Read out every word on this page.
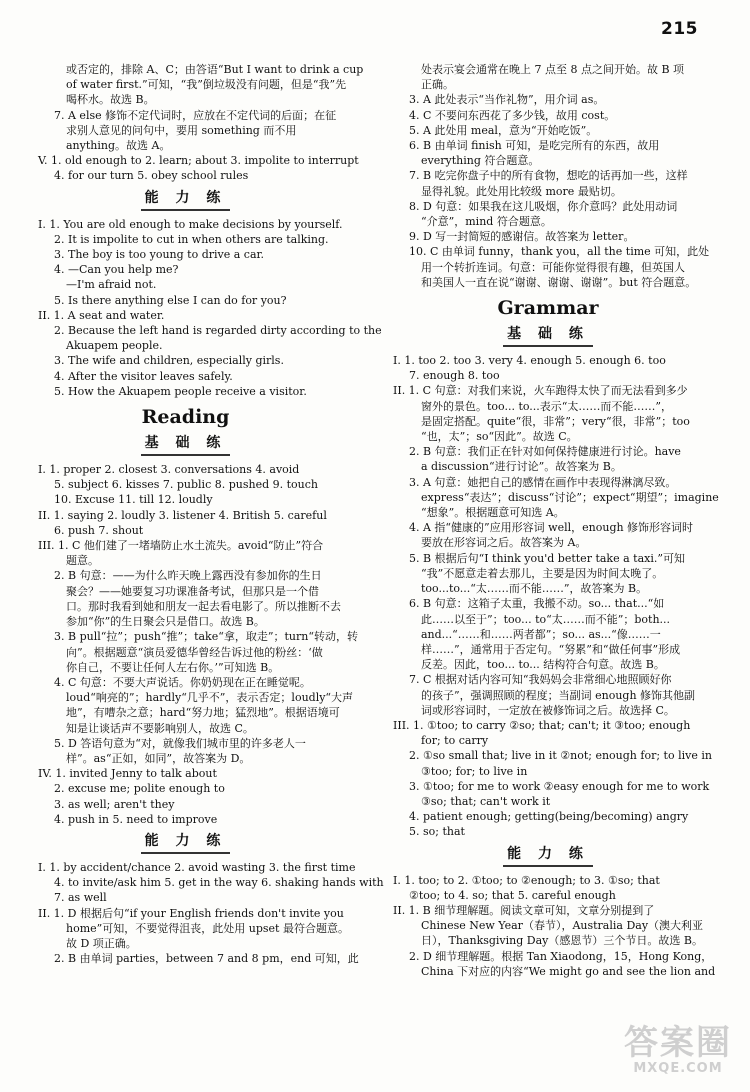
215
或否定的，排除 A、C；由答语“But I want to drink a cup
of water first.”可知，“我”倒垃圾没有问题，但是“我”先
喝杯水。故选 B。
7. A else 修饰不定代词时，应放在不定代词的后面；在征
求别人意见的问句中，要用 something 而不用
anything。故选 A。
V. 1. old enough to 2. learn; about 3. impolite to interrupt
4. for our turn 5. obey school rules
能 力 练
I. 1. You are old enough to make decisions by yourself.
2. It is impolite to cut in when others are talking.
3. The boy is too young to drive a car.
4. —Can you help me?
—I'm afraid not.
5. Is there anything else I can do for you?
II. 1. A seat and water.
2. Because the left hand is regarded dirty according to the
Akuapem people.
3. The wife and children, especially girls.
4. After the visitor leaves safely.
5. How the Akuapem people receive a visitor.
Reading
基 础 练
I. 1. proper 2. closest 3. conversations 4. avoid
5. subject 6. kisses 7. public 8. pushed 9. touch
10. Excuse 11. till 12. loudly
II. 1. saying 2. loudly 3. listener 4. British 5. careful
6. push 7. shout
III. 1. C 他们建了一堵墙防止水土流失。avoid“防止”符合
题意。
2. B 句意：——为什么昨天晚上露西没有参加你的生日
聚会？——她要复习功课准备考试，但那只是一个借
口。那时我看到她和朋友一起去看电影了。所以推断不去
参加“你”的生日聚会只是借口。故选 B。
3. B pull“拉”；push“推”；take“拿，取走”；turn“转动，转
向”。根据题意“演员爱德华曾经告诉过他的粉丝：‘做
你自己，不要让任何人左右你。’”可知选 B。
4. C 句意：不要大声说话。你奶奶现在正在睡觉呢。
loud“响亮的”；hardly“几乎不”，表示否定；loudly“大声
地”，有嘈杂之意；hard“努力地；猛烈地”。根据语境可
知是让谈话声不要影响别人，故选 C。
5. D 答语句意为“对，就像我们城市里的许多老人一
样”。as“正如，如同”，故答案为 D。
IV. 1. invited Jenny to talk about
2. excuse me; polite enough to
3. as well; aren't they
4. push in 5. need to improve
能 力 练
I. 1. by accident/chance 2. avoid wasting 3. the first time
4. to invite/ask him 5. get in the way 6. shaking hands with
7. as well
II. 1. D 根据后句“if your English friends don't invite you
home”可知，不要觉得沮丧，此处用 upset 最符合题意。
故 D 项正确。
2. B 由单词 parties，between 7 and 8 pm，end 可知，此
处表示宴会通常在晚上 7 点至 8 点之间开始。故 B 项
正确。
3. A 此处表示“当作礼物”，用介词 as。
4. C 不要问东西花了多少钱，故用 cost。
5. A 此处用 meal，意为“开始吃饭”。
6. B 由单词 finish 可知，是吃完所有的东西，故用
everything 符合题意。
7. B 吃完你盘子中的所有食物，想吃的话再加一些，这样
显得礼貌。此处用比较级 more 最贴切。
8. D 句意：如果我在这儿吸烟，你介意吗？此处用动词
“介意”，mind 符合题意。
9. D 写一封简短的感谢信。故答案为 letter。
10. C 由单词 funny，thank you，all the time 可知，此处
用一个转折连词。句意：可能你觉得很有趣，但英国人
和美国人一直在说“谢谢、谢谢、谢谢”。but 符合题意。
Grammar
基 础 练
I. 1. too 2. too 3. very 4. enough 5. enough 6. too
7. enough 8. too
II. 1. C 句意：对我们来说，火车跑得太快了而无法看到多少
窗外的景色。too... to...表示“太……而不能……”，
是固定搭配。quite“很，非常”；very“很，非常”；too
“也，太”；so“因此”。故选 C。
2. B 句意：我们正在针对如何保持健康进行讨论。have
a discussion“进行讨论”。故答案为 B。
3. A 句意：她把自己的感情在画作中表现得淋漓尽致。
express“表达”；discuss“讨论”；expect“期望”；imagine
“想象”。根据题意可知选 A。
4. A 指“健康的”应用形容词 well，enough 修饰形容词时
要放在形容词之后。故答案为 A。
5. B 根据后句“I think you'd better take a taxi.”可知
“我”不愿意走着去那儿，主要是因为时间太晚了。
too...to...“太……而不能……”，故答案为 B。
6. B 句意：这箱子太重，我搬不动。so... that...“如
此……以至于”；too... to“太……而不能”；both...
and...“……和……两者都”；so... as...“像……一
样……”，通常用于否定句。“努累”和“做任何事”形成
反差。因此，too... to... 结构符合句意。故选 B。
7. C 根据对话内容可知“我妈妈会非常细心地照顾好你
的孩子”，强调照顾的程度；当副词 enough 修饰其他副
词或形容词时，一定放在被修饰词之后。故选择 C。
III. 1. ①too; to carry ②so; that; can't; it ③too; enough
for; to carry
2. ①so small that; live in it ②not; enough for; to live in
③too; for; to live in
3. ①too; for me to work ②easy enough for me to work
③so; that; can't work it
4. patient enough; getting(being/becoming) angry
5. so; that
能 力 练
I. 1. too; to 2. ①too; to ②enough; to 3. ①so; that
②too; to 4. so; that 5. careful enough
II. 1. B 细节理解题。阅读文章可知，文章分别提到了
Chinese New Year（春节），Australia Day（澳大利亚
日），Thanksgiving Day（感恩节）三个节日。故选 B。
2. D 细节理解题。根据 Tan Xiaodong，15，Hong Kong，
China 下对应的内容“We might go and see the lion and
答案圈
MXQE.COM
